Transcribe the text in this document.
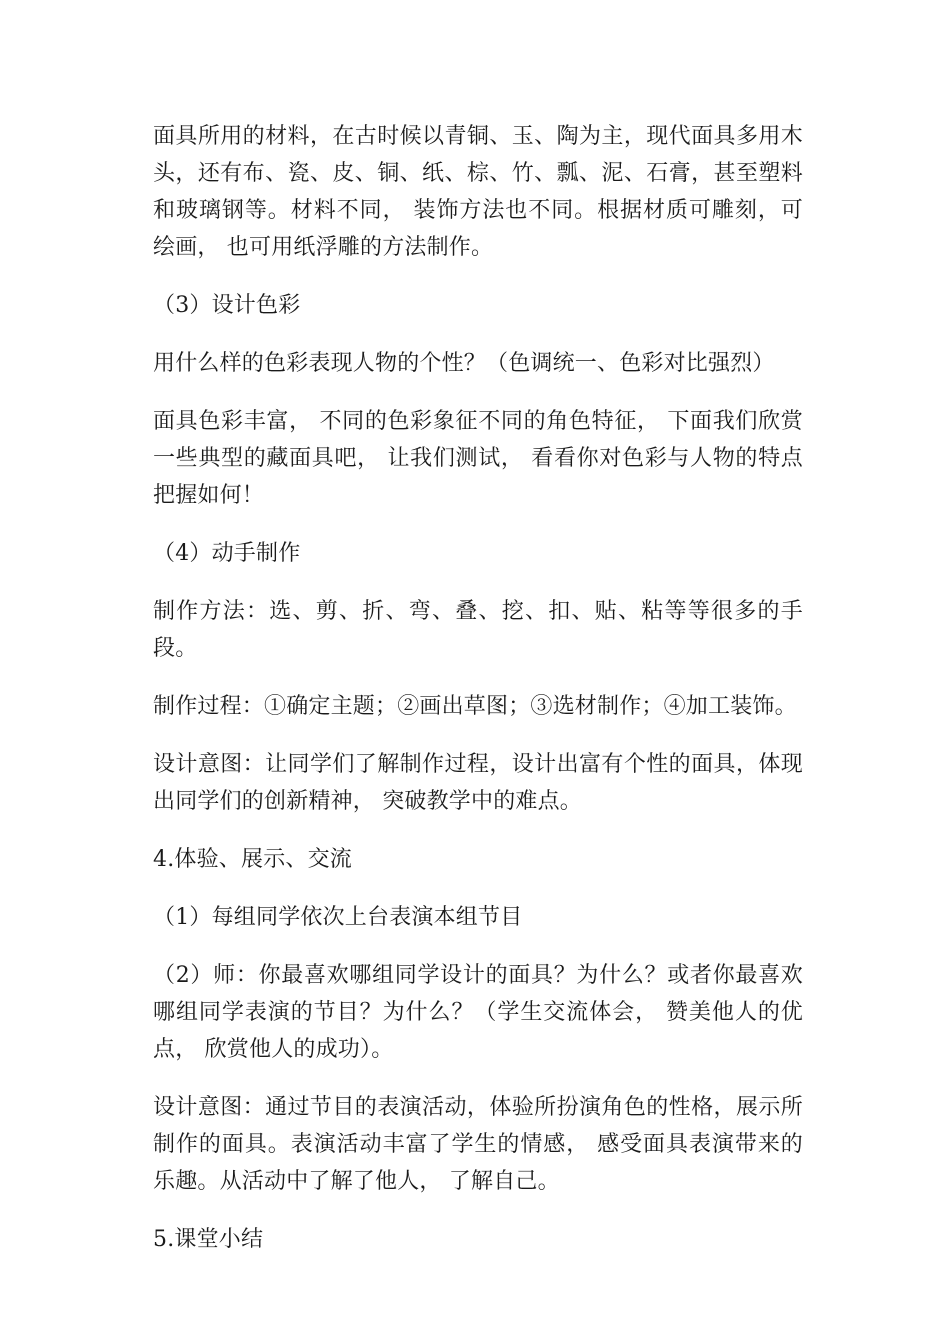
面具所用的材料，在古时候以青铜、玉、陶为主，现代面具多用木头，还有布、瓷、皮、铜、纸、棕、竹、瓢、泥、石膏，甚至塑料和玻璃钢等。材料不同， 装饰方法也不同。根据材质可雕刻，可绘画， 也可用纸浮雕的方法制作。

（3）设计色彩

用什么样的色彩表现人物的个性？（色调统一、色彩对比强烈）

面具色彩丰富， 不同的色彩象征不同的角色特征， 下面我们欣赏一些典型的藏面具吧， 让我们测试， 看看你对色彩与人物的特点把握如何！

（4）动手制作

制作方法：选、剪、折、弯、叠、挖、扣、贴、粘等等很多的手段。

制作过程：①确定主题；②画出草图；③选材制作；④加工装饰。

设计意图：让同学们了解制作过程，设计出富有个性的面具，体现出同学们的创新精神， 突破教学中的难点。

4.体验、展示、交流

（1）每组同学依次上台表演本组节目

（2）师：你最喜欢哪组同学设计的面具？为什么？或者你最喜欢哪组同学表演的节目？为什么？（学生交流体会， 赞美他人的优点， 欣赏他人的成功）。

设计意图：通过节目的表演活动，体验所扮演角色的性格，展示所制作的面具。表演活动丰富了学生的情感， 感受面具表演带来的乐趣。从活动中了解了他人， 了解自己。

5.课堂小结
